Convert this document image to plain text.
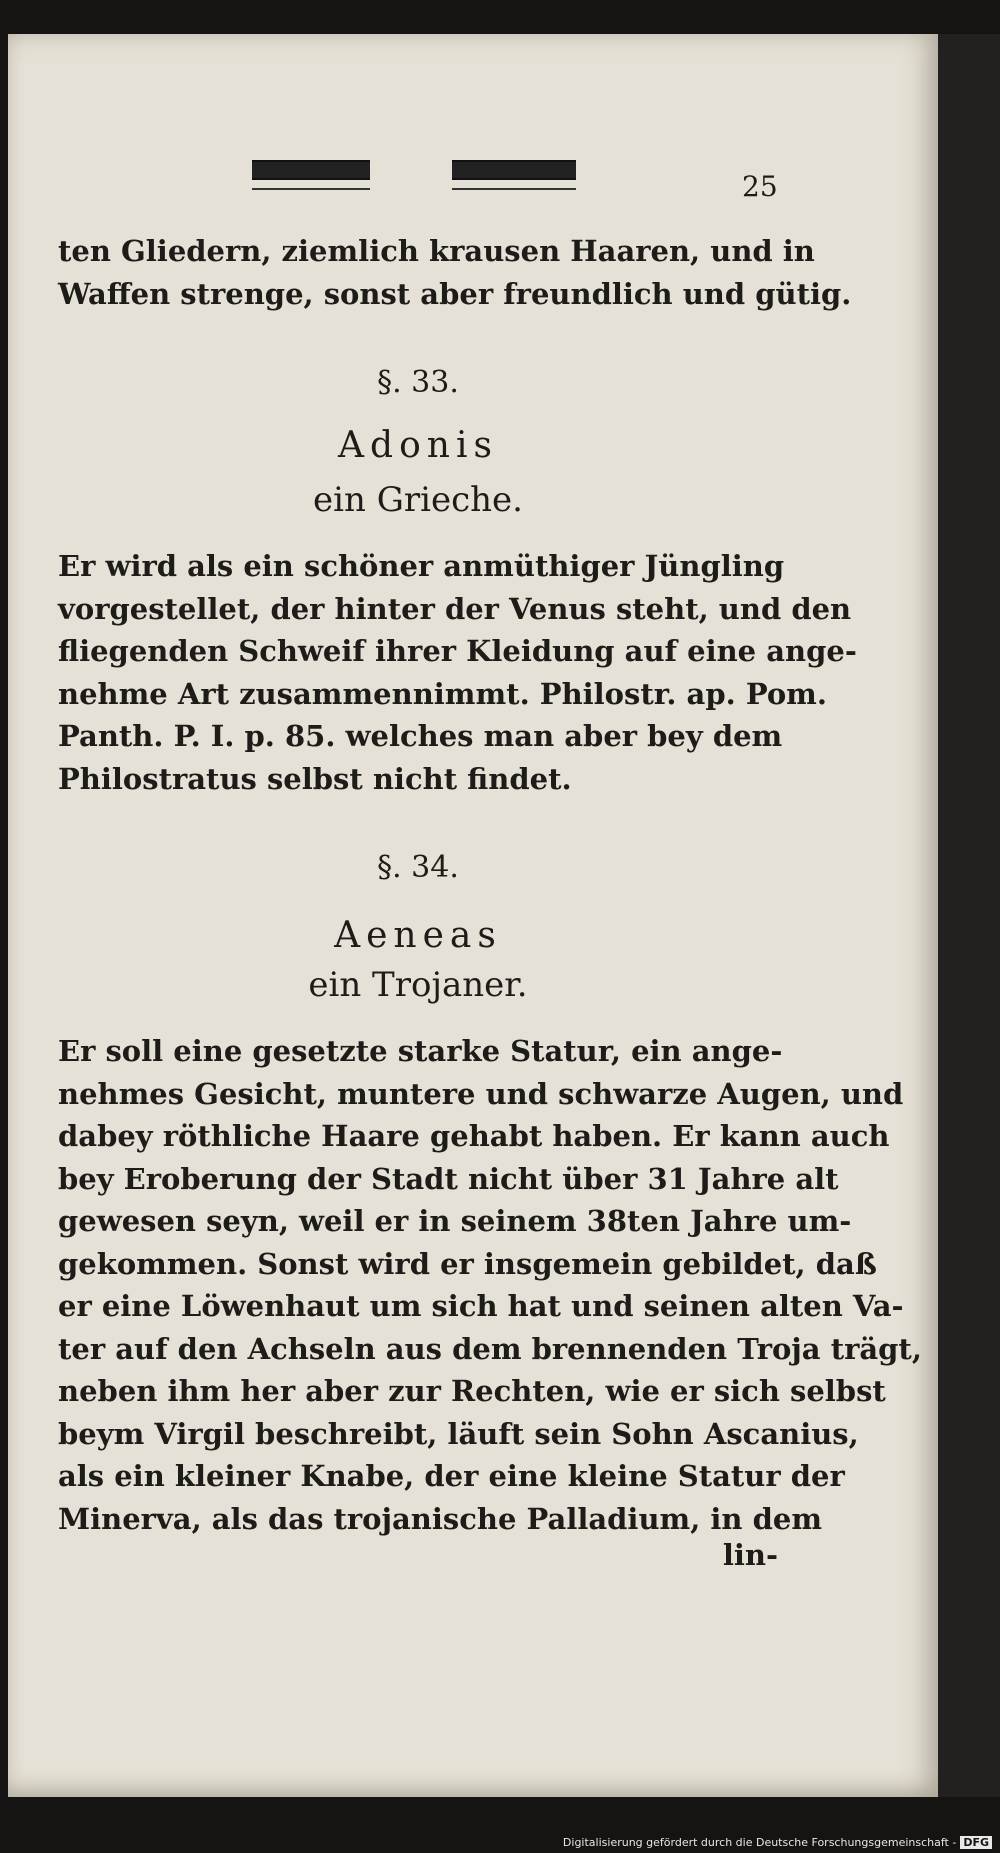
25
ten Gliedern, ziemlich krausen Haaren, und in
Waffen strenge, sonst aber freundlich und gütig.
§. 33.
Adonis
ein Grieche.
Er wird als ein schöner anmüthiger Jüngling
vorgestellet, der hinter der Venus steht, und den
fliegenden Schweif ihrer Kleidung auf eine ange-
nehme Art zusammennimmt. Philostr. ap. Pom.
Panth. P. I. p. 85. welches man aber bey dem
Philostratus selbst nicht findet.
§. 34.
Aeneas
ein Trojaner.
Er soll eine gesetzte starke Statur, ein ange-
nehmes Gesicht, muntere und schwarze Augen, und
dabey röthliche Haare gehabt haben. Er kann auch
bey Eroberung der Stadt nicht über 31 Jahre alt
gewesen seyn, weil er in seinem 38ten Jahre um-
gekommen. Sonst wird er insgemein gebildet, daß
er eine Löwenhaut um sich hat und seinen alten Va-
ter auf den Achseln aus dem brennenden Troja trägt,
neben ihm her aber zur Rechten, wie er sich selbst
beym Virgil beschreibt, läuft sein Sohn Ascanius,
als ein kleiner Knabe, der eine kleine Statur der
Minerva, als das trojanische Palladium, in dem
lin-
Digitalisierung gefördert durch die Deutsche Forschungsgemeinschaft - DFG
